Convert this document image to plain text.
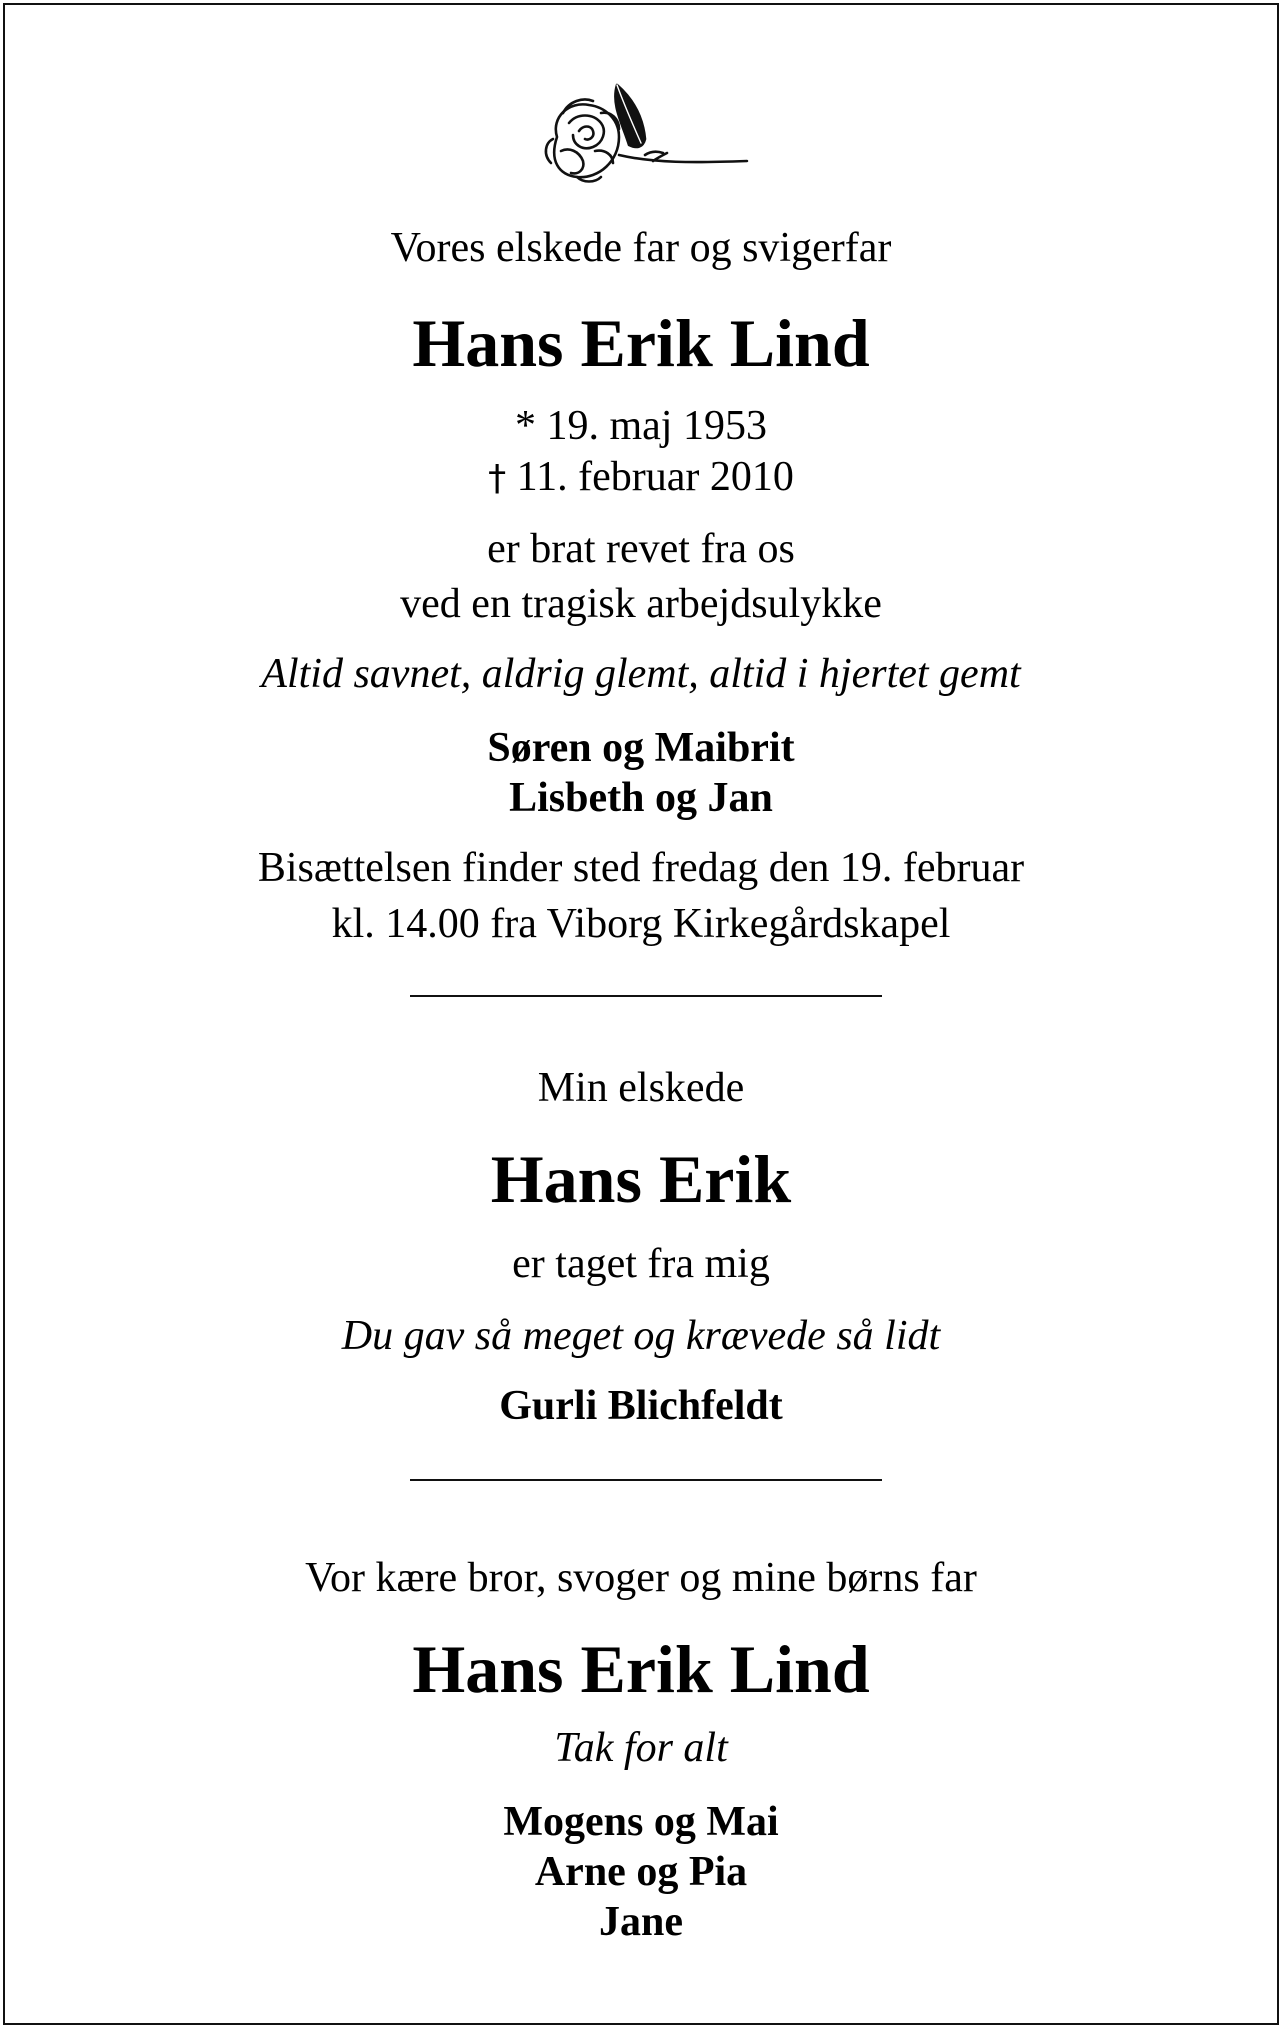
Vores elskede far og svigerfar
Hans Erik Lind
* 19. maj 1953
† 11. februar 2010
er brat revet fra os
ved en tragisk arbejdsulykke
Altid savnet, aldrig glemt, altid i hjertet gemt
Søren og Maibrit
Lisbeth og Jan
Bisættelsen finder sted fredag den 19. februar
kl. 14.00 fra Viborg Kirkegårdskapel
Min elskede
Hans Erik
er taget fra mig
Du gav så meget og krævede så lidt
Gurli Blichfeldt
Vor kære bror, svoger og mine børns far
Hans Erik Lind
Tak for alt
Mogens og Mai
Arne og Pia
Jane
